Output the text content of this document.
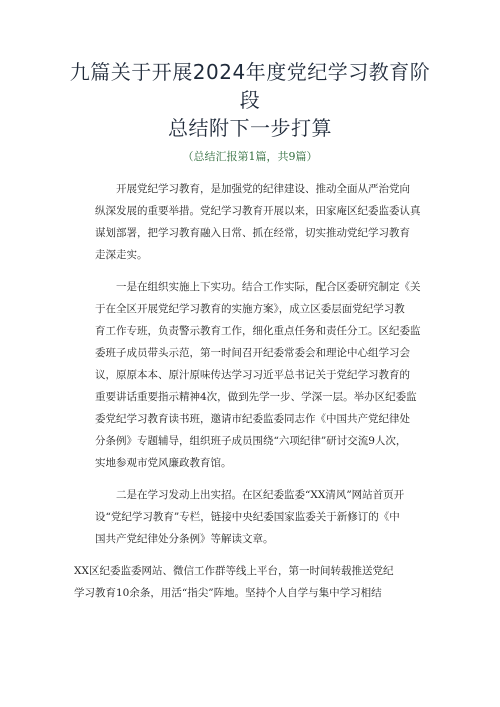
九篇关于开展2024年度党纪学习教育阶段
总结附下一步打算
（总结汇报第1篇，共9篇）
开展党纪学习教育，是加强党的纪律建设、推动全面从严治党向
纵深发展的重要举措。党纪学习教育开展以来，田家庵区纪委监委认真
谋划部署，把学习教育融入日常、抓在经常，切实推动党纪学习教育
走深走实。
一是在组织实施上下实功。结合工作实际，配合区委研究制定《关
于在全区开展党纪学习教育的实施方案》，成立区委层面党纪学习教
育工作专班，负责警示教育工作，细化重点任务和责任分工。区纪委监
委班子成员带头示范，第一时间召开纪委常委会和理论中心组学习会
议，原原本本、原汁原味传达学习习近平总书记关于党纪学习教育的
重要讲话重要指示精神4次，做到先学一步、学深一层。举办区纪委监
委党纪学习教育读书班，邀请市纪委监委同志作《中国共产党纪律处
分条例》专题辅导，组织班子成员围绕“六项纪律”研讨交流9人次，
实地参观市党风廉政教育馆。
二是在学习发动上出实招。在区纪委监委“XX清风”网站首页开
设“党纪学习教育”专栏，链接中央纪委国家监委关于新修订的《中
国共产党纪律处分条例》等解读文章。
XX区纪委监委网站、微信工作群等线上平台，第一时间转载推送党纪
学习教育10余条，用活“指尖”阵地。坚持个人自学与集中学习相结
